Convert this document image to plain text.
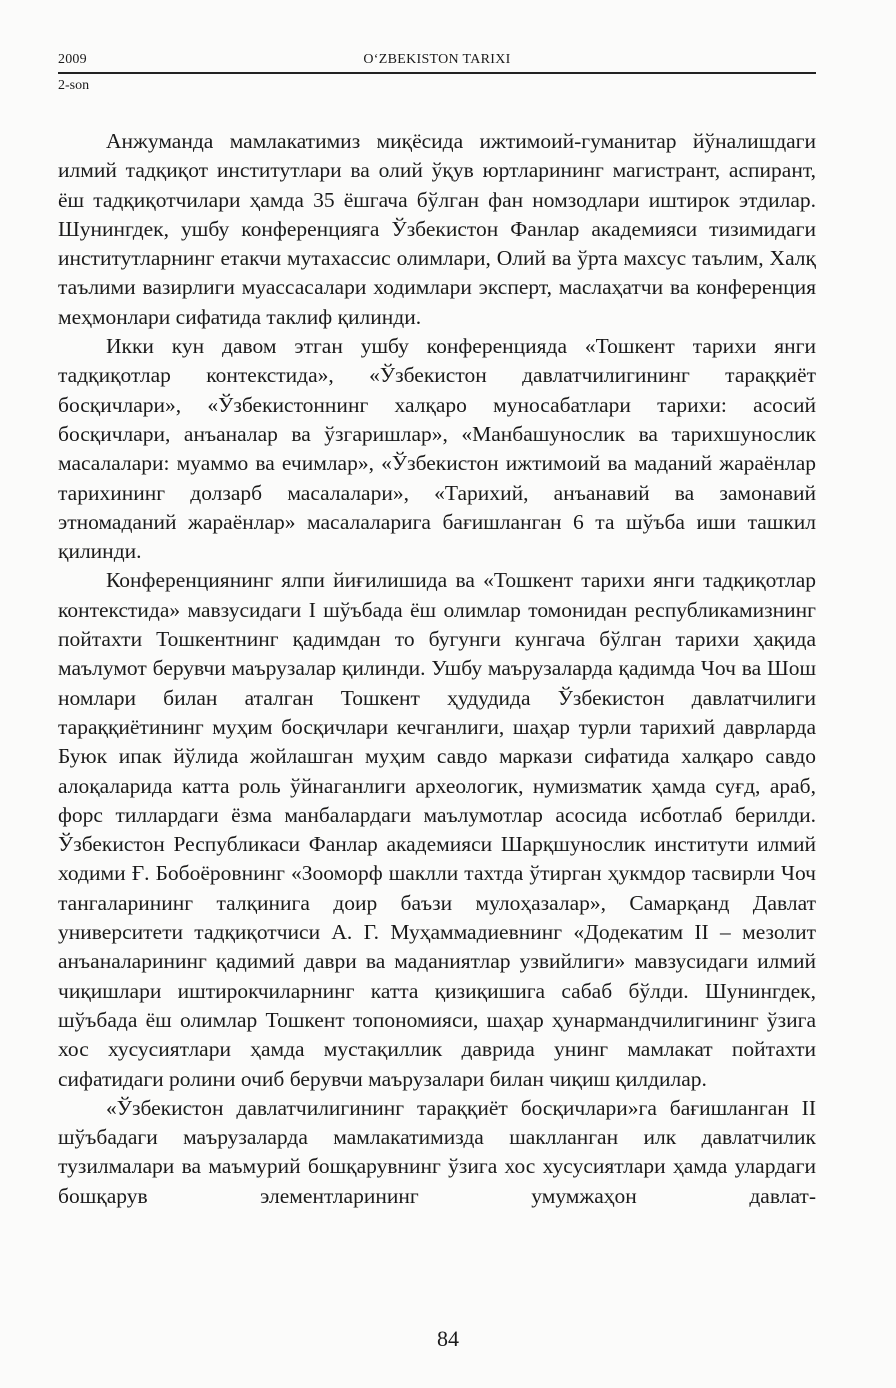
2009	O‘ZBEKISTON TARIXI
2-son

Анжуманда мамлакатимиз миқёсида ижтимоий-гуманитар йўналишдаги илмий тадқиқот институтлари ва олий ўқув юртларининг магистрант, аспирант, ёш тадқиқотчилари ҳамда 35 ёшгача бўлган фан номзодлари иштирок этдилар. Шунингдек, ушбу конференцияга Ўзбекистон Фанлар академияси тизимидаги институтларнинг етакчи мутахассис олимлари, Олий ва ўрта махсус таълим, Халқ таълими вазирлиги муассасалари ходимлари эксперт, маслаҳатчи ва конференция меҳмонлари сифатида таклиф қилинди.

Икки кун давом этган ушбу конференцияда «Тошкент тарихи янги тадқиқотлар контекстида», «Ўзбекистон давлатчилигининг тараққиёт босқичлари», «Ўзбекистоннинг халқаро муносабатлари тарихи: асосий босқичлари, анъаналар ва ўзгаришлар», «Манбашунослик ва тарихшунослик масалалари: муаммо ва ечимлар», «Ўзбекистон ижтимоий ва маданий жараёнлар тарихининг долзарб масалалари», «Тарихий, анъанавий ва замонавий этномаданий жараёнлар» масалаларига бағишланган 6 та шўъба иши ташкил қилинди.

Конференциянинг ялпи йиғилишида ва «Тошкент тарихи янги тадқиқотлар контекстида» мавзусидаги I шўъбада ёш олимлар томонидан республикамизнинг пойтахти Тошкентнинг қадимдан то бугунги кунгача бўлган тарихи ҳақида маълумот берувчи маърузалар қилинди. Ушбу маърузаларда қадимда Чоч ва Шош номлари билан аталган Тошкент ҳудудида Ўзбекистон давлатчилиги тараққиётининг муҳим босқичлари кечганлиги, шаҳар турли тарихий даврларда Буюк ипак йўлида жойлашган муҳим савдо маркази сифатида халқаро савдо алоқаларида катта роль ўйнаганлиги археологик, нумизматик ҳамда суғд, араб, форс тиллардаги ёзма манбалардаги маълумотлар асосида исботлаб берилди. Ўзбекистон Республикаси Фанлар академияси Шарқшунослик институти илмий ходими Ғ. Бобоёровнинг «Зооморф шаклли тахтда ўтирган ҳукмдор тасвирли Чоч тангаларининг талқинига доир баъзи мулоҳазалар», Самарқанд Давлат университети тадқиқотчиси А. Г. Муҳаммадиевнинг «Додекатим II – мезолит анъаналарининг қадимий даври ва маданиятлар узвийлиги» мавзусидаги илмий чиқишлари иштирокчиларнинг катта қизиқишига сабаб бўлди. Шунингдек, шўъбада ёш олимлар Тошкент топономияси, шаҳар ҳунармандчилигининг ўзига хос хусусиятлари ҳамда мустақиллик даврида унинг мамлакат пойтахти сифатидаги ролини очиб берувчи маърузалари билан чиқиш қилдилар.

«Ўзбекистон давлатчилигининг тараққиёт босқичлари»га бағишланган II шўъбадаги маърузаларда мамлакатимизда шаклланган илк давлатчилик тузилмалари ва маъмурий бошқарувнинг ўзига хос хусусиятлари ҳамда улардаги бошқарув элементларининг умумжаҳон давлат-

84
